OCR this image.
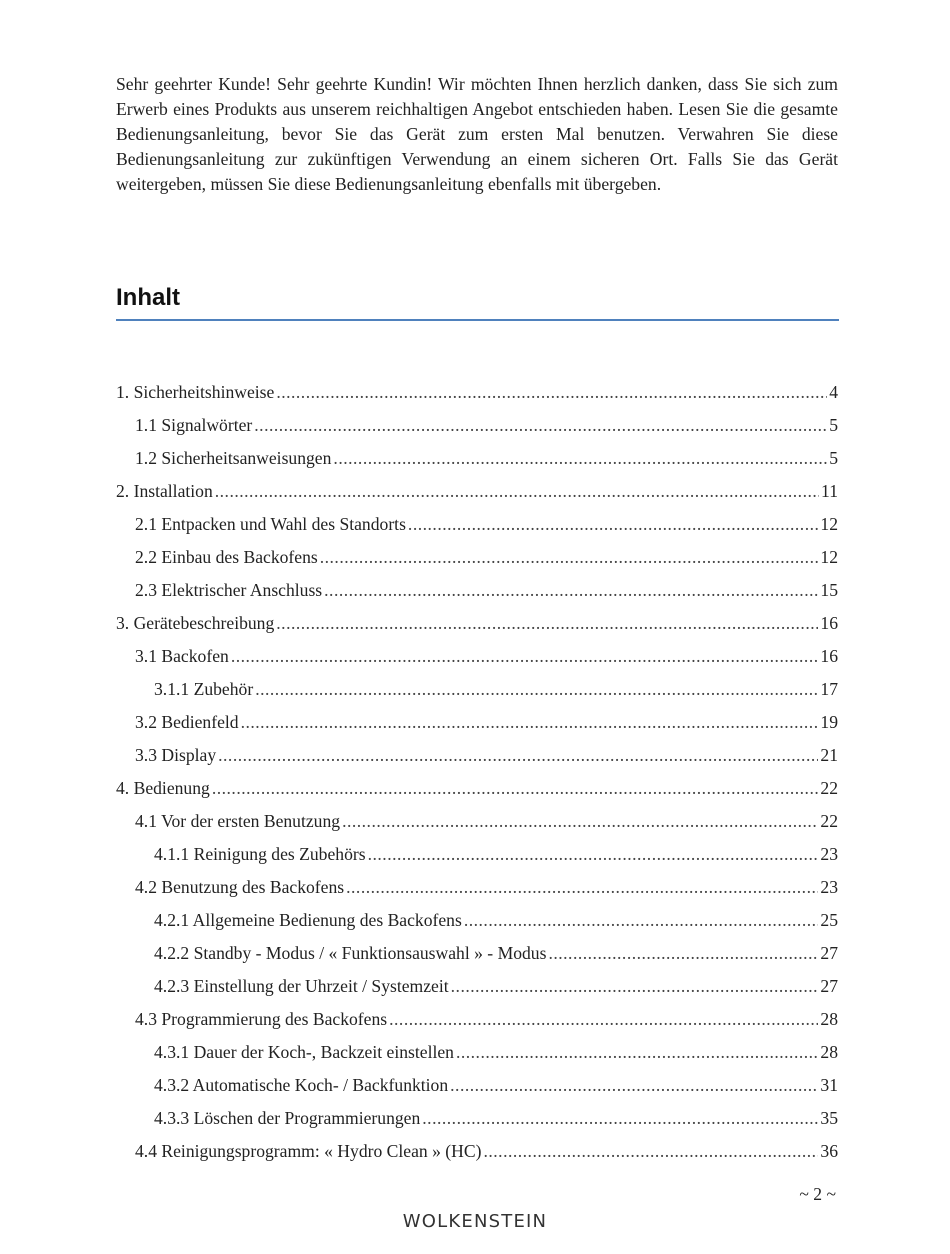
Sehr geehrter Kunde! Sehr geehrte Kundin! Wir möchten Ihnen herzlich danken, dass Sie sich zum Erwerb eines Produkts aus unserem reichhaltigen Angebot entschieden haben. Lesen Sie die gesamte Bedienungsanleitung, bevor Sie das Gerät zum ersten Mal benutzen. Verwahren Sie diese Bedienungsanleitung zur zukünftigen Verwendung an einem sicheren Ort. Falls Sie das Gerät weitergeben, müssen Sie diese Bedienungsanleitung ebenfalls mit übergeben.

Inhalt
1. Sicherheitshinweise .....	4
1.1 Signalwörter .....	5
1.2 Sicherheitsanweisungen .....	5
2. Installation .....	11
2.1 Entpacken und Wahl des Standorts .....	12
2.2 Einbau des Backofens .....	12
2.3 Elektrischer Anschluss .....	15
3. Gerätebeschreibung .....	16
3.1 Backofen .....	16
3.1.1 Zubehör .....	17
3.2 Bedienfeld .....	19
3.3 Display .....	21
4. Bedienung .....	22
4.1 Vor der ersten Benutzung .....	22
4.1.1 Reinigung des Zubehörs .....	23
4.2 Benutzung des Backofens .....	23
4.2.1 Allgemeine Bedienung des Backofens .....	25
4.2.2 Standby - Modus / « Funktionsauswahl » - Modus .....	27
4.2.3 Einstellung der Uhrzeit / Systemzeit .....	27
4.3 Programmierung des Backofens .....	28
4.3.1 Dauer der Koch-, Backzeit einstellen .....	28
4.3.2 Automatische Koch- / Backfunktion .....	31
4.3.3 Löschen der Programmierungen .....	35
4.4 Reinigungsprogramm: « Hydro Clean » (HC) .....	36
~ 2 ~
WOLKENSTEIN
